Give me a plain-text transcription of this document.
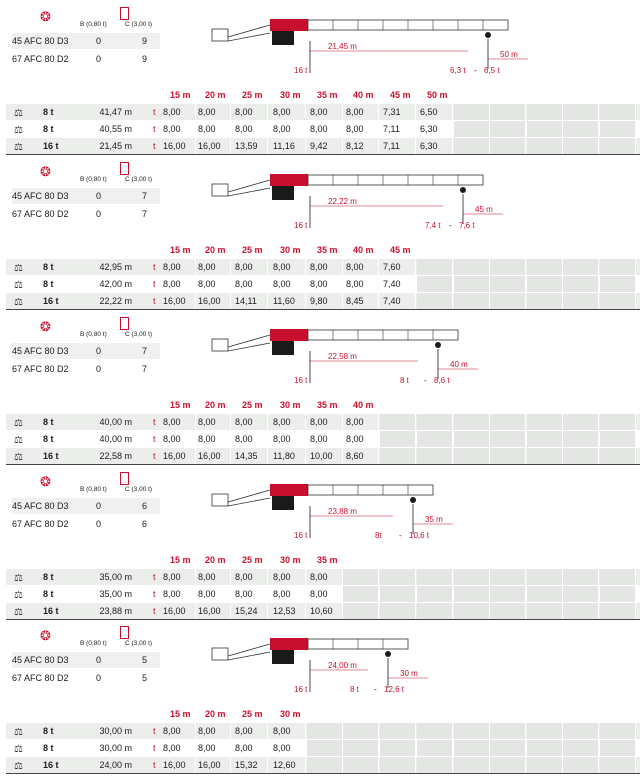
❂
B (0,80 t)	C (3,00 t)
45 AFC 80 D3	0	9
67 AFC 80 D2	0	9
21,45 m
50 m
16 t	6,3 t - 6,5 t
15 m 20 m 25 m 30 m 35 m 40 m 45 m 50 m
⚖ 8 t	41,47 m t 8,00	8,00	8,00	8,00	8,00	8,00	7,31	6,50
⚖ 8 t	40,55 m t 8,00	8,00	8,00	8,00	8,00	8,00	7,11	6,30
⚖ 16 t	21,45 m t 16,00	16,00	13,59	11,16	9,42	8,12	7,11	6,30
❂
B (0,80 t)	C (3,00 t)
45 AFC 80 D3	0	7
67 AFC 80 D2	0	7
22,22 m
45 m
16 t	7,4 t - 7,6 t
15 m 20 m 25 m 30 m 35 m 40 m 45 m
⚖ 8 t	42,95 m t 8,00	8,00	8,00	8,00	8,00	8,00	7,60
⚖ 8 t	42,00 m t 8,00	8,00	8,00	8,00	8,00	8,00	7,40
⚖ 16 t	22,22 m t 16,00	16,00	14,11	11,60	9,80	8,45	7,40
❂
B (0,80 t)	C (3,00 t)
45 AFC 80 D3	0	7
67 AFC 80 D2	0	7
22,58 m
40 m
16 t	8 t - 8,6 t
15 m 20 m 25 m 30 m 35 m 40 m
⚖ 8 t	40,00 m t 8,00	8,00	8,00	8,00	8,00	8,00
⚖ 8 t	40,00 m t 8,00	8,00	8,00	8,00	8,00	8,00
⚖ 16 t	22,58 m t 16,00	16,00	14,35	11,80	10,00	8,60
❂
B (0,80 t)	C (3,00 t)
45 AFC 80 D3	0	6
67 AFC 80 D2	0	6
23,88 m
35 m
16 t	8t - 10,6 t
15 m 20 m 25 m 30 m 35 m
⚖ 8 t	35,00 m t 8,00	8,00	8,00	8,00	8,00
⚖ 8 t	35,00 m t 8,00	8,00	8,00	8,00	8,00
⚖ 16 t	23,88 m t 16,00	16,00	15,24	12,53	10,60
❂
B (0,80 t)	C (3,00 t)
45 AFC 80 D3	0	5
67 AFC 80 D2	0	5
24,00 m
30 m
16 t	8 t - 12,6 t
15 m 20 m 25 m 30 m
⚖ 8 t	30,00 m t 8,00	8,00	8,00	8,00
⚖ 8 t	30,00 m t 8,00	8,00	8,00	8,00
⚖ 16 t	24,00 m t 16,00	16,00	15,32	12,60
